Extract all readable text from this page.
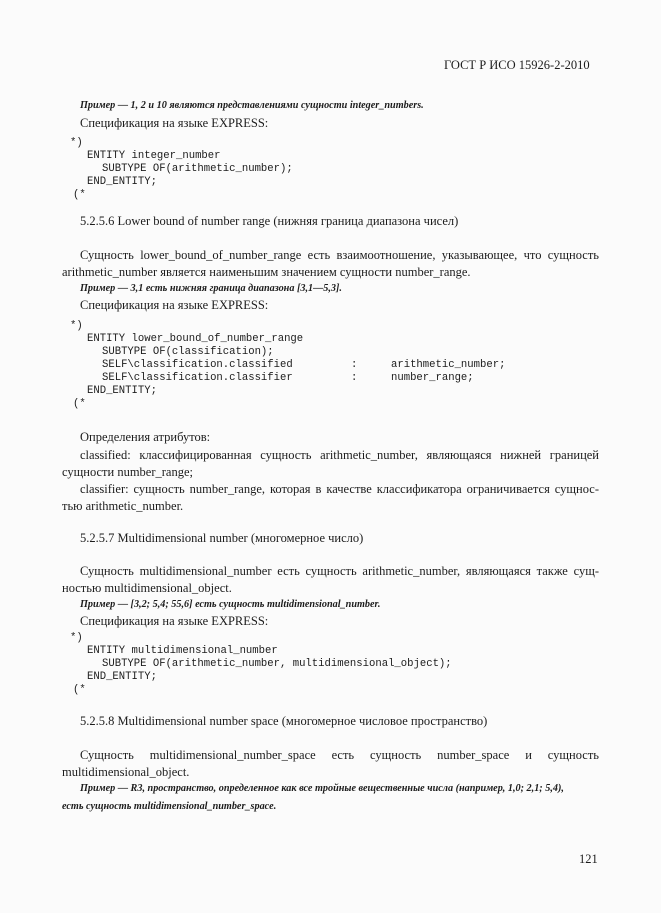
ГОСТ Р ИСО 15926-2-2010
Пример — 1, 2 и 10 являются представлениями сущности integer_numbers.
Спецификация на языке EXPRESS:
*)
ENTITY integer_number
SUBTYPE OF(arithmetic_number);
END_ENTITY;
(*
5.2.5.6 Lower bound of number range (нижняя граница диапазона чисел)
Сущность lower_bound_of_number_range есть взаимоотношение, указывающее, что сущность
arithmetic_number является наименьшим значением сущности number_range.
Пример — 3,1 есть нижняя граница диапазона [3,1—5,3].
Спецификация на языке EXPRESS:
*)
ENTITY lower_bound_of_number_range
SUBTYPE OF(classification);
SELF\classification.classified	:	arithmetic_number;
SELF\classification.classifier	:	number_range;
END_ENTITY;
(*
Определения атрибутов:
classified: классифицированная сущность arithmetic_number, являющаяся нижней границей
сущности number_range;
classifier: сущность number_range, которая в качестве классификатора ограничивается сущнос-
тью arithmetic_number.
5.2.5.7 Multidimensional number (многомерное число)
Сущность multidimensional_number есть сущность arithmetic_number, являющаяся также сущ-
ностью multidimensional_object.
Пример — [3,2; 5,4; 55,6] есть сущность multidimensional_number.
Спецификация на языке EXPRESS:
*)
ENTITY multidimensional_number
SUBTYPE OF(arithmetic_number, multidimensional_object);
END_ENTITY;
(*
5.2.5.8 Multidimensional number space (многомерное числовое пространство)
Сущность multidimensional_number_space есть сущность number_space и сущность
multidimensional_object.
Пример — R3, пространство, определенное как все тройные вещественные числа (например, 1,0; 2,1; 5,4),
есть сущность multidimensional_number_space.
121
